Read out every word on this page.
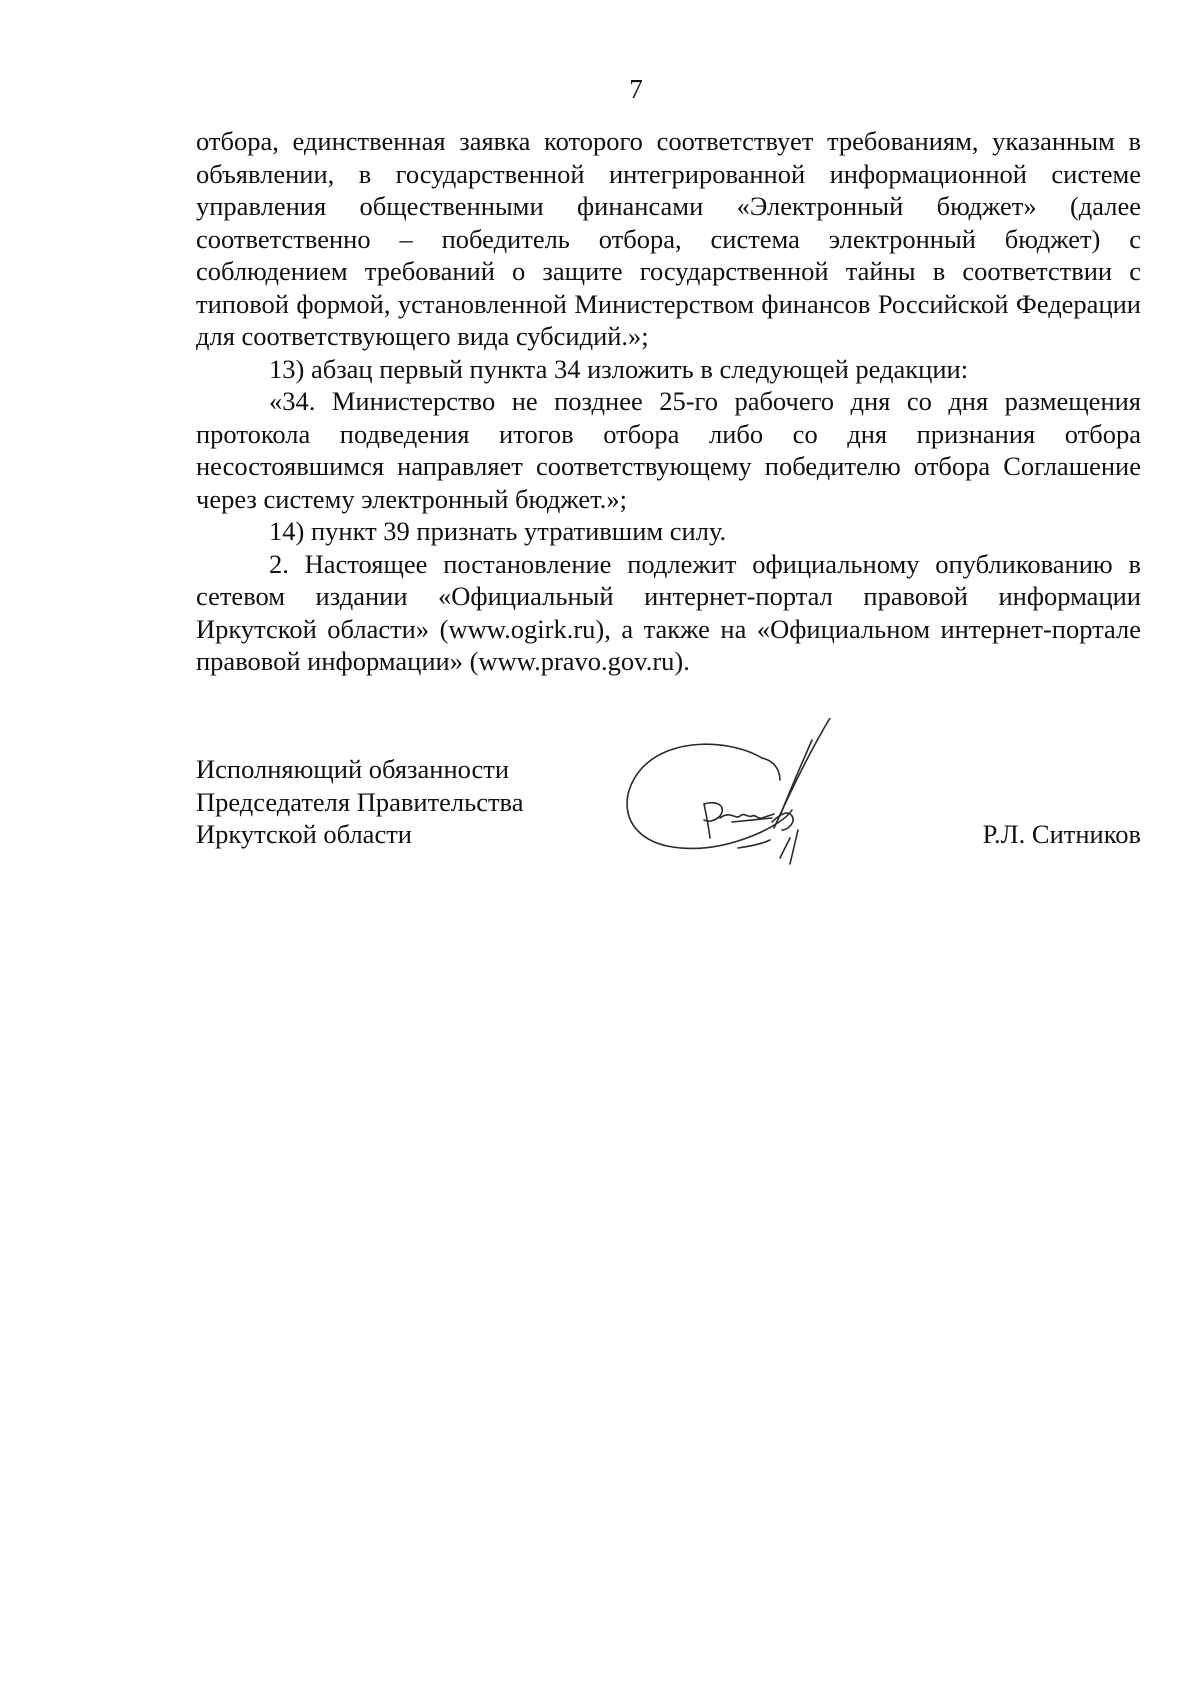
7

отбора, единственная заявка которого соответствует требованиям, указанным в объявлении, в государственной интегрированной информационной системе управления общественными финансами «Электронный бюджет» (далее соответственно – победитель отбора, система электронный бюджет) с соблюдением требований о защите государственной тайны в соответствии с типовой формой, установленной Министерством финансов Российской Федерации для соответствующего вида субсидий.»;

13) абзац первый пункта 34 изложить в следующей редакции:

«34. Министерство не позднее 25-го рабочего дня со дня размещения протокола подведения итогов отбора либо со дня признания отбора несостоявшимся направляет соответствующему победителю отбора Соглашение через систему электронный бюджет.»;

14) пункт 39 признать утратившим силу.

2. Настоящее постановление подлежит официальному опубликованию в сетевом издании «Официальный интернет-портал правовой информации Иркутской области» (www.ogirk.ru), а также на «Официальном интернет-портале правовой информации» (www.pravo.gov.ru).

Исполняющий обязанности
Председателя Правительства
Иркутской области	Р.Л. Ситников
